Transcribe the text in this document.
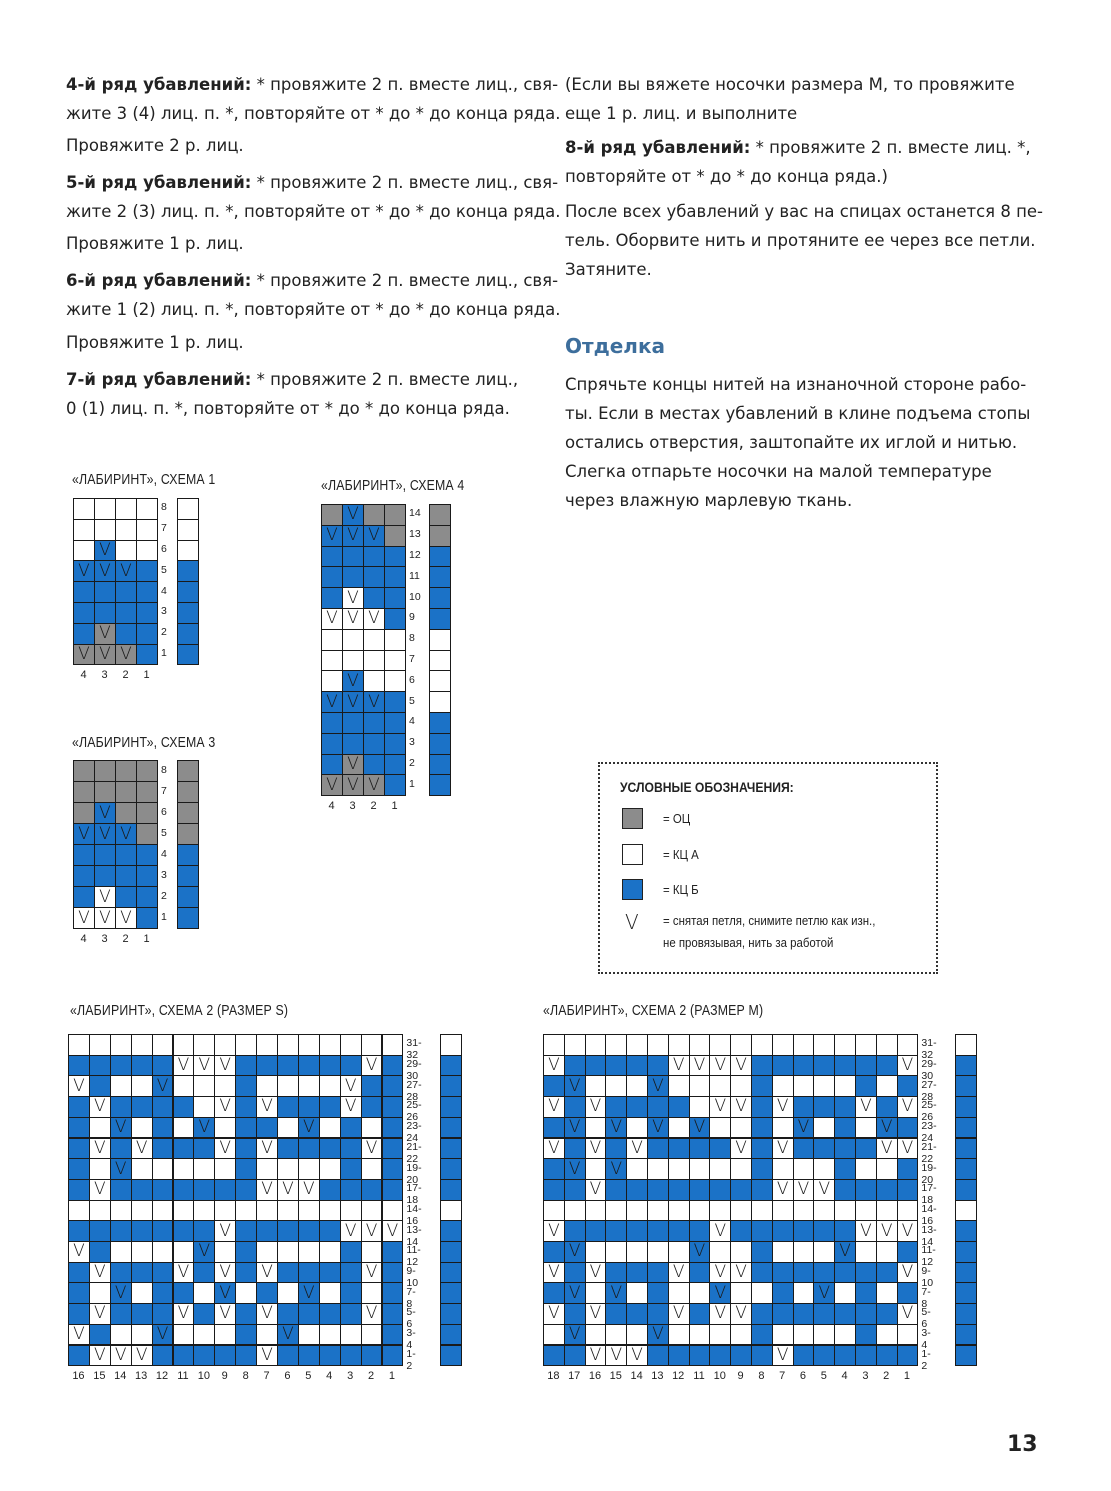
4-й ряд убавлений: * провяжите 2 п. вместе лиц., свя-
жите 3 (4) лиц. п. *, повторяйте от * до * до конца ряда.
Провяжите 2 р. лиц.
5-й ряд убавлений: * провяжите 2 п. вместе лиц., свя-
жите 2 (3) лиц. п. *, повторяйте от * до * до конца ряда.
Провяжите 1 р. лиц.
6-й ряд убавлений: * провяжите 2 п. вместе лиц., свя-
жите 1 (2) лиц. п. *, повторяйте от * до * до конца ряда.
Провяжите 1 р. лиц.
7-й ряд убавлений: * провяжите 2 п. вместе лиц.,
0 (1) лиц. п. *, повторяйте от * до * до конца ряда.
(Если вы вяжете носочки размера М, то провяжите
еще 1 р. лиц. и выполните
8-й ряд убавлений: * провяжите 2 п. вместе лиц. *,
повторяйте от * до * до конца ряда.)
После всех убавлений у вас на спицах останется 8 пе-
тель. Оборвите нить и протяните ее через все петли.
Затяните.
Отделка
Спрячьте концы нитей на изнаночной стороне рабо-
ты. Если в местах убавлений в клине подъема стопы
остались отверстия, заштопайте их иглой и нитью.
Слегка отпарьте носочки на малой температуре
через влажную марлевую ткань.
«ЛАБИРИНТ», СХЕМА 1
8
7
V	6
V V V	5
4
3
V	2
V V V	1
4	3	2	1
«ЛАБИРИНТ», СХЕМА 3
8
7
V	6
V V V	5
4
3
V	2
V V V	1
4	3	2	1
«ЛАБИРИНТ», СХЕМА 4
V	14
V V V	13
12
11
V	10
V V V	9
8
7
V	6
V V V	5
4
3
V	2
V V V	1
4	3	2	1
«ЛАБИРИНТ», СХЕМА 2 (РАЗМЕР S)
31-32
V V V	V	29-30
V	V	V	27-28
V	V V	V	25-26
V	V	V	23-24
V V	V V	V	21-22
V	19-20
V	V V V	17-18
14-16
V	V V V 13-14
V	V	11-12
V	V V V	V	9-10
V	V	V	7-8
V	V V V	V	5-6
V	V	V	3-4
V V V	V	1-2
16 15 14 13 12 11 10	9	8	7	6	5	4	3	2	1
«ЛАБИРИНТ», СХЕМА 2 (РАЗМЕР М)
31-32
V	V V V V	V 29-30
V	V	27-28
V V	V V V	V V 25-26
V V V V	V	V	23-24
V V V	V V	V V 21-22
V V	19-20
V	V V V	17-18
14-16
V	V	V V V 13-14
V	V	V	11-12
V V	V V V	V 9-10
V V	V	V	7-8
V V	V V V	V 5-6
V	V	3-4
V V V	V	1-2
18 17 16 15 14 13 12 11 10	9	8	7	6	5	4	3	2	1
УСЛОВНЫЕ ОБОЗНАЧЕНИЯ:
= ОЦ
= КЦ А
= КЦ Б
V = снятая петля, снимите петлю как изн.,
не провязывая, нить за работой
13
